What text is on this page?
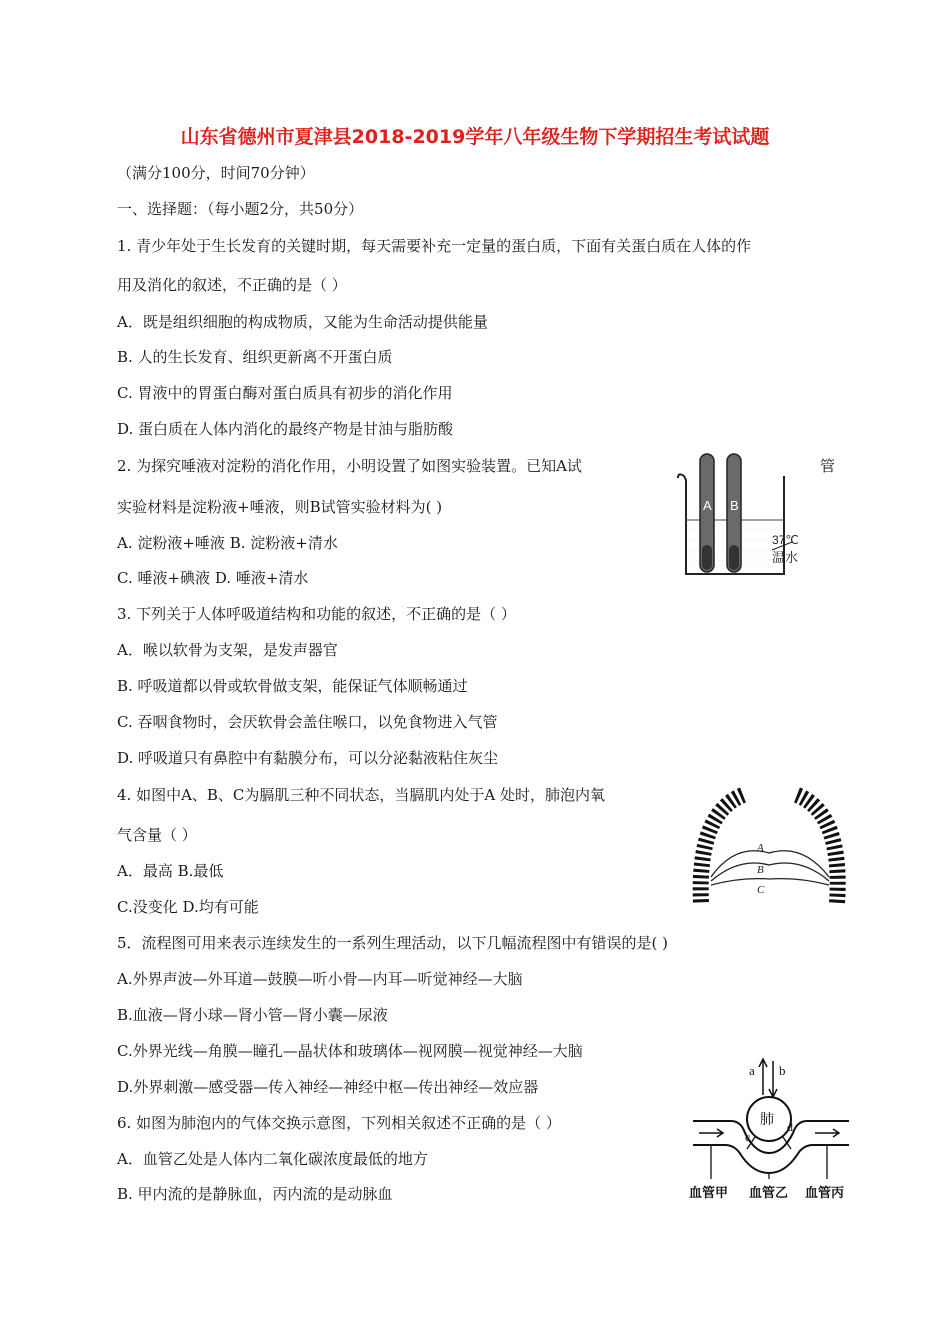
山东省德州市夏津县2018-2019学年八年级生物下学期招生考试试题
（满分100分，时间70分钟）
一、选择题：（每小题2分，共50分）
1. 青少年处于生长发育的关键时期，每天需要补充一定量的蛋白质，下面有关蛋白质在人体的作
用及消化的叙述，不正确的是（ ）
A．既是组织细胞的构成物质，又能为生命活动提供能量
B. 人的生长发育、组织更新离不开蛋白质
C. 胃液中的胃蛋白酶对蛋白质具有初步的消化作用
D. 蛋白质在人体内消化的最终产物是甘油与脂肪酸
2. 为探究唾液对淀粉的消化作用，小明设置了如图实验装置。已知A试	管
实验材料是淀粉液+唾液，则B试管实验材料为( )
A. 淀粉液+唾液 B. 淀粉液+清水
C. 唾液+碘液 D. 唾液+清水
A B
37℃
温水
3. 下列关于人体呼吸道结构和功能的叙述，不正确的是（ ）
A．喉以软骨为支架，是发声器官
B. 呼吸道都以骨或软骨做支架，能保证气体顺畅通过
C. 吞咽食物时，会厌软骨会盖住喉口，以免食物进入气管
D. 呼吸道只有鼻腔中有黏膜分布，可以分泌黏液粘住灰尘
4. 如图中A、B、C为膈肌三种不同状态，当膈肌内处于A 处时，肺泡内氧
气含量（ ）
A．最高 B.最低
C.没变化 D.均有可能
A
B
C
5．流程图可用来表示连续发生的一系列生理活动，以下几幅流程图中有错误的是( )
A.外界声波—外耳道—鼓膜—听小骨—内耳—听觉神经—大脑
B.血液—肾小球—肾小管—肾小囊—尿液
C.外界光线—角膜—瞳孔—晶状体和玻璃体—视网膜—视觉神经—大脑
D.外界刺激—感受器—传入神经—神经中枢—传出神经—效应器
6. 如图为肺泡内的气体交换示意图，下列相关叙述不正确的是（ ）
A．血管乙处是人体内二氧化碳浓度最低的地方
B. 甲内流的是静脉血，丙内流的是动脉血
a b
肺
c
d
血管甲 血管乙 血管丙
